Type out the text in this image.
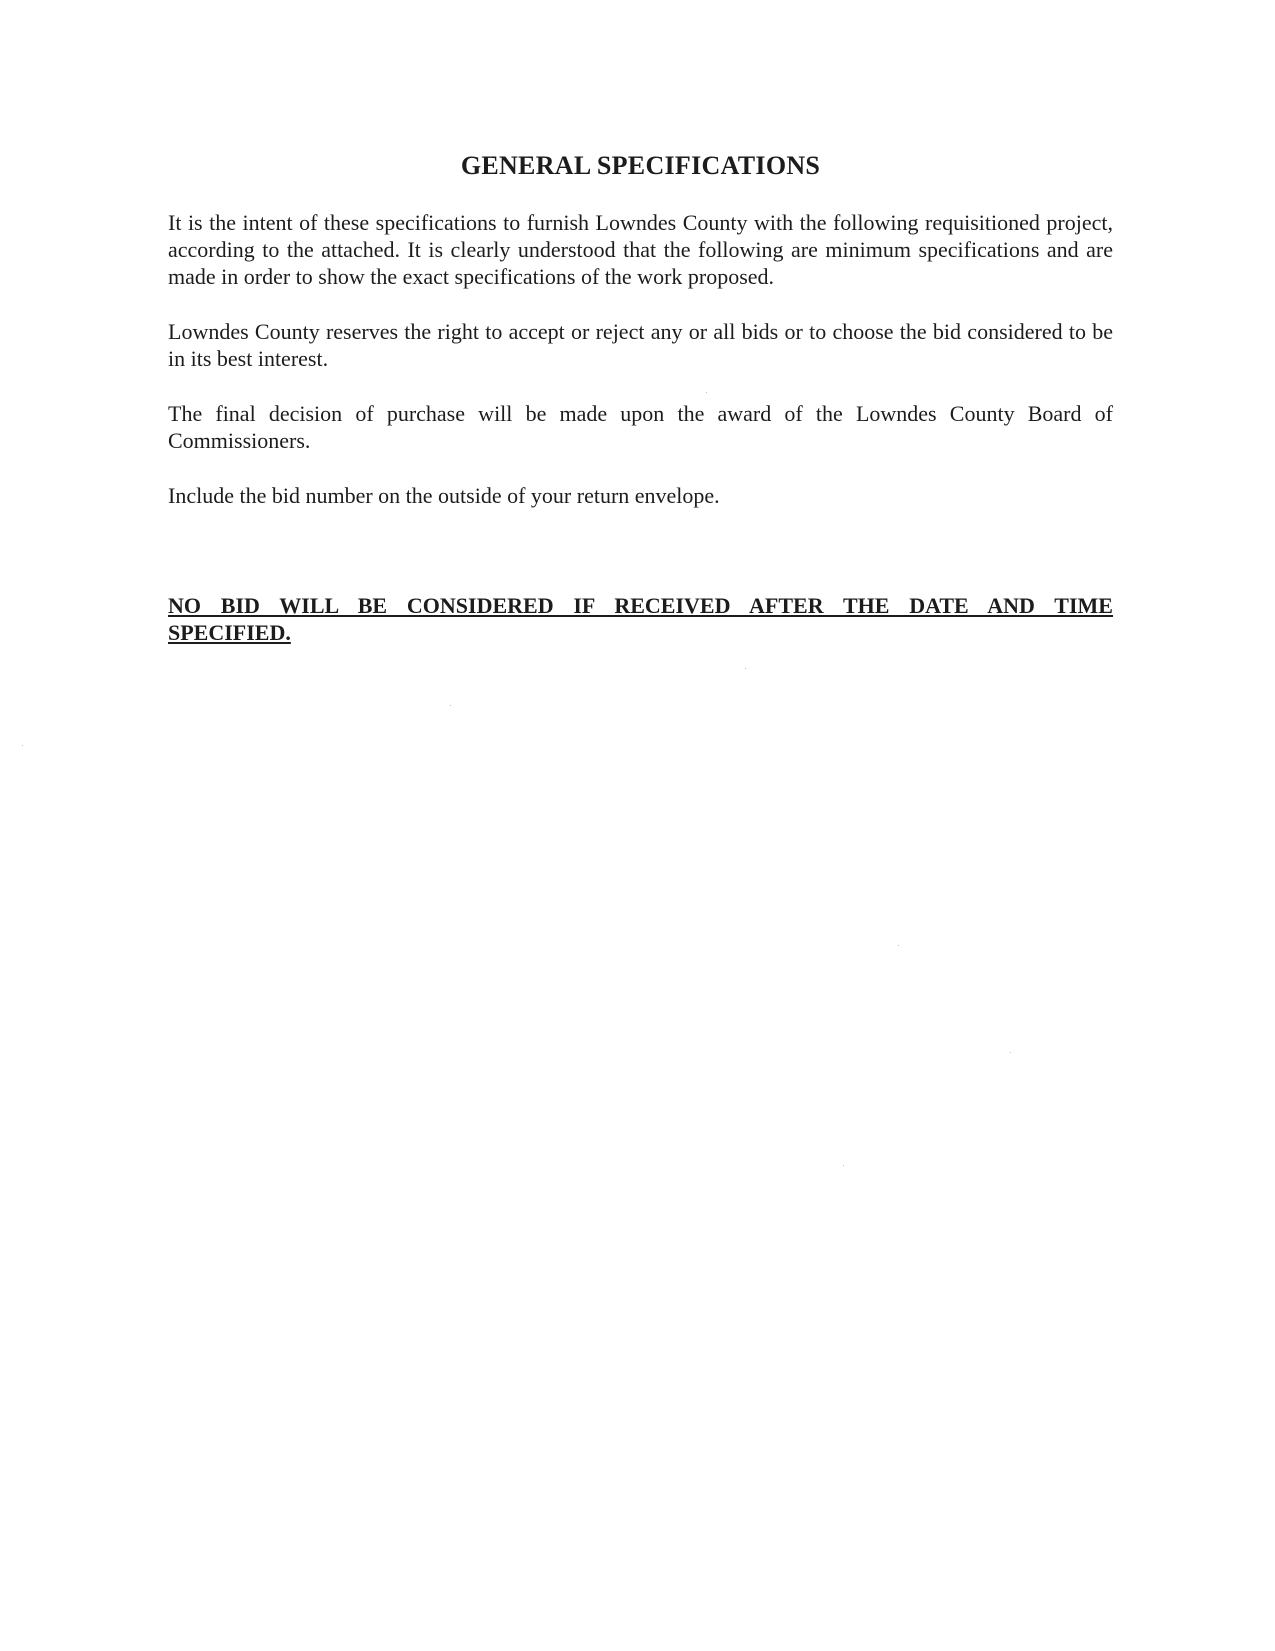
GENERAL SPECIFICATIONS

It is the intent of these specifications to furnish Lowndes County with the following requisitioned project, according to the attached. It is clearly understood that the following are minimum specifications and are made in order to show the exact specifications of the work proposed.

Lowndes County reserves the right to accept or reject any or all bids or to choose the bid considered to be in its best interest.

The final decision of purchase will be made upon the award of the Lowndes County Board of Commissioners.

Include the bid number on the outside of your return envelope.

NO BID WILL BE CONSIDERED IF RECEIVED AFTER THE DATE AND TIME SPECIFIED.
